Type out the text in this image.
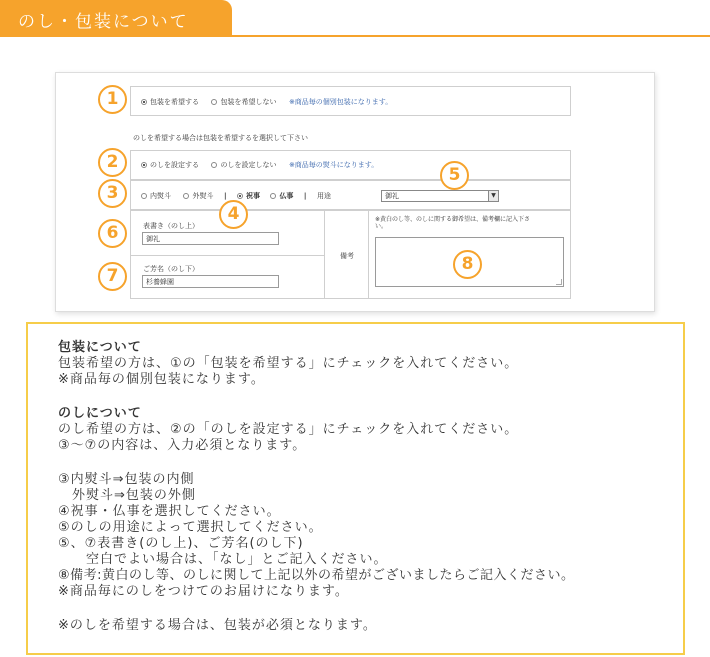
のし・包装について
包装を希望する	包装を希望しない ※商品毎の個別包装になります。
のしを希望する場合は包装を希望するを選択して下さい
のしを設定する	のしを設定しない ※商品毎の熨斗になります。
内熨斗	外熨斗 |	祝事	仏事 | 用途	御礼	▼
表書き（のし上）
御礼
ご芳名（のし下）
杉養蜂園
備考
※黄白のし等、のしに関する御希望は、備考欄に記入下さ
い。
1
2
3
4
5
6
7
8

包装について

包装希望の方は、①の「包装を希望する」にチェックを入れてください。

※商品毎の個別包装になります。

のしについて

のし希望の方は、②の「のしを設定する」にチェックを入れてください。

③～⑦の内容は、入力必須となります。

③内熨斗⇒包装の内側

　外熨斗⇒包装の外側

④祝事・仏事を選択してください。

⑤のしの用途によって選択してください。

⑤、⑦表書き(のし上)、ご芳名(のし下)

　　空白でよい場合は、「なし」とご記入ください。

⑧備考:黄白のし等、のしに関して上記以外の希望がございましたらご記入ください。

※商品毎にのしをつけてのお届けになります。

※のしを希望する場合は、包装が必須となります。
